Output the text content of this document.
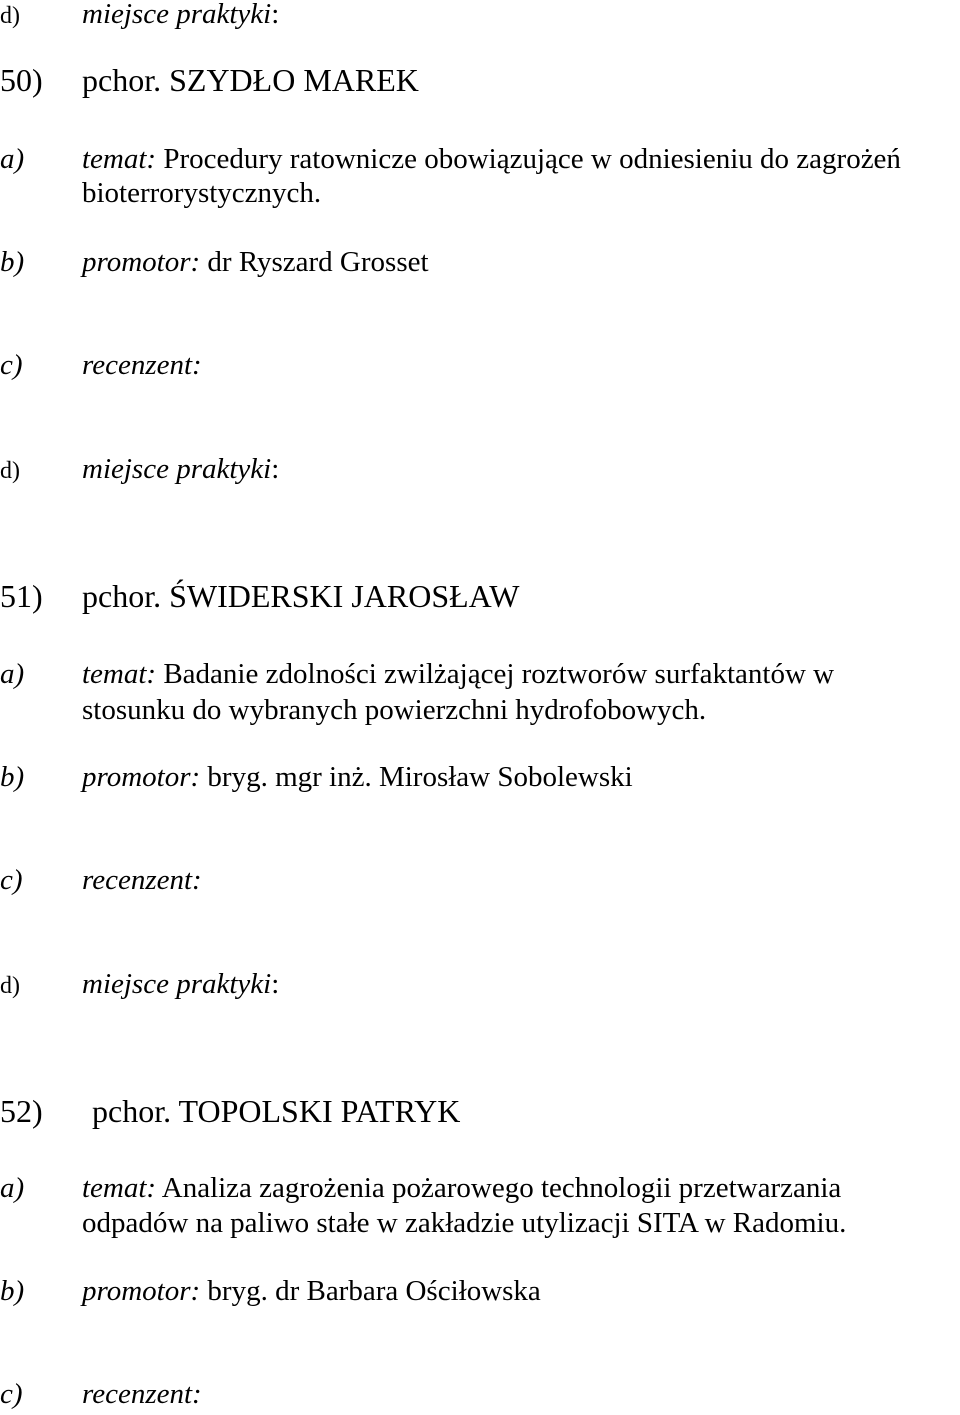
d) miejsce praktyki:
50) pchor. SZYDŁO MAREK
a) temat: Procedury ratownicze obowiązujące w odniesieniu do zagrożeń
bioterrorystycznych.
b) promotor: dr Ryszard Grosset
c) recenzent:
d) miejsce praktyki:
51) pchor. ŚWIDERSKI JAROSŁAW
a) temat: Badanie zdolności zwilżającej roztworów surfaktantów w
stosunku do wybranych powierzchni hydrofobowych.
b) promotor: bryg. mgr inż. Mirosław Sobolewski
c) recenzent:
d) miejsce praktyki:
52) pchor. TOPOLSKI PATRYK
a) temat: Analiza zagrożenia pożarowego technologii przetwarzania
odpadów na paliwo stałe w zakładzie utylizacji SITA w Radomiu.
b) promotor: bryg. dr Barbara Ościłowska
c) recenzent:
